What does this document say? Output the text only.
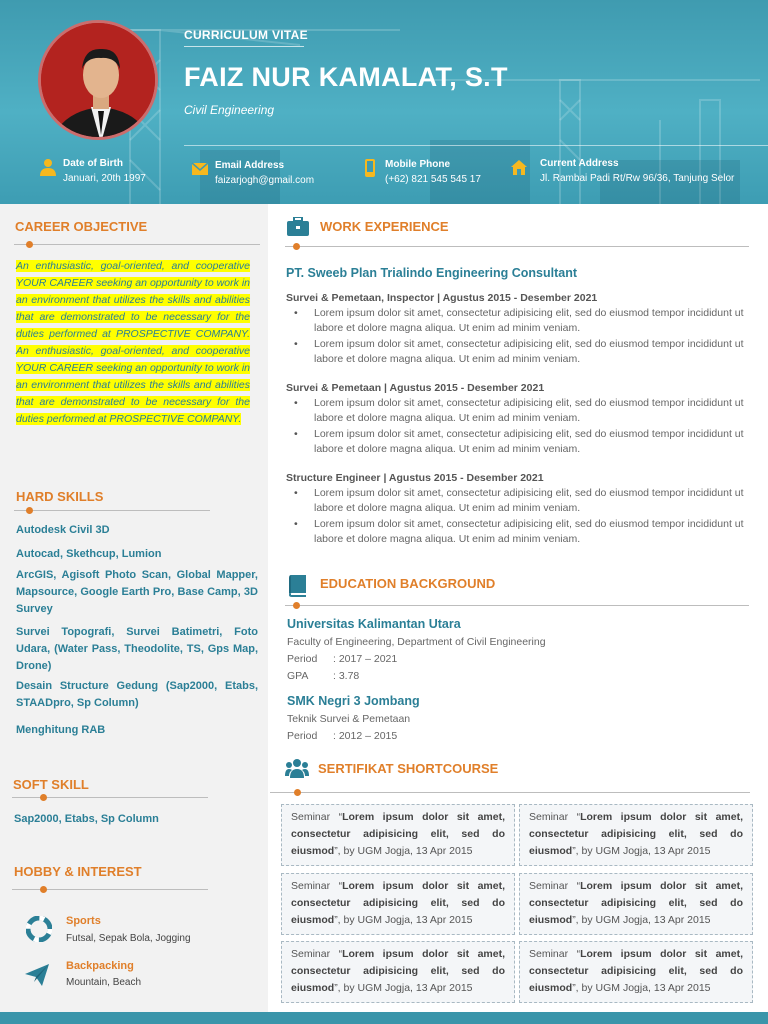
CURRICULUM VITAE
FAIZ NUR KAMALAT, S.T
Civil Engineering
Date of Birth
Januari, 20th 1997
Email Address
faizarjogh@gmail.com
Mobile Phone
(+62) 821 545 545 17
Current Address
Jl. Rambai Padi Rt/Rw 96/36, Tanjung Selor
CAREER OBJECTIVE
An enthusiastic, goal-oriented, and cooperative YOUR CAREER seeking an opportunity to work in an environment that utilizes the skills and abilities that are demonstrated to be necessary for the duties performed at PROSPECTIVE COMPANY. An enthusiastic, goal-oriented, and cooperative YOUR CAREER seeking an opportunity to work in an environment that utilizes the skills and abilities that are demonstrated to be necessary for the duties performed at PROSPECTIVE COMPANY.
HARD SKILLS
Autodesk Civil 3D
Autocad, Skethcup, Lumion
ArcGIS, Agisoft Photo Scan, Global Mapper, Mapsource, Google Earth Pro, Base Camp, 3D Survey
Survei Topografi, Survei Batimetri, Foto Udara, (Water Pass, Theodolite, TS, Gps Map, Drone)
Desain Structure Gedung (Sap2000, Etabs, STAADpro, Sp Column)
Menghitung RAB
SOFT SKILL
Sap2000, Etabs, Sp Column
HOBBY & INTEREST
Sports
Futsal, Sepak Bola, Jogging
Backpacking
Mountain, Beach
WORK EXPERIENCE
PT. Sweeb Plan Trialindo Engineering Consultant
Survei & Pemetaan, Inspector | Agustus 2015 - Desember 2021
• Lorem ipsum dolor sit amet, consectetur adipisicing elit, sed do eiusmod tempor incididunt ut labore et dolore magna aliqua. Ut enim ad minim veniam.
• Lorem ipsum dolor sit amet, consectetur adipisicing elit, sed do eiusmod tempor incididunt ut labore et dolore magna aliqua. Ut enim ad minim veniam.
Survei & Pemetaan | Agustus 2015 - Desember 2021
• Lorem ipsum dolor sit amet, consectetur adipisicing elit, sed do eiusmod tempor incididunt ut labore et dolore magna aliqua. Ut enim ad minim veniam.
• Lorem ipsum dolor sit amet, consectetur adipisicing elit, sed do eiusmod tempor incididunt ut labore et dolore magna aliqua. Ut enim ad minim veniam.
Structure Engineer | Agustus 2015 - Desember 2021
• Lorem ipsum dolor sit amet, consectetur adipisicing elit, sed do eiusmod tempor incididunt ut labore et dolore magna aliqua. Ut enim ad minim veniam.
• Lorem ipsum dolor sit amet, consectetur adipisicing elit, sed do eiusmod tempor incididunt ut labore et dolore magna aliqua. Ut enim ad minim veniam.
EDUCATION BACKGROUND
Universitas Kalimantan Utara
Faculty of Engineering, Department of Civil Engineering
Period : 2017 – 2021
GPA : 3.78
SMK Negri 3 Jombang
Teknik Survei & Pemetaan
Period : 2012 – 2015
SERTIFIKAT SHORTCOURSE
Seminar “Lorem ipsum dolor sit amet, consectetur adipisicing elit, sed do eiusmod”, by UGM Jogja, 13 Apr 2015
Seminar “Lorem ipsum dolor sit amet, consectetur adipisicing elit, sed do eiusmod”, by UGM Jogja, 13 Apr 2015
Seminar “Lorem ipsum dolor sit amet, consectetur adipisicing elit, sed do eiusmod”, by UGM Jogja, 13 Apr 2015
Seminar “Lorem ipsum dolor sit amet, consectetur adipisicing elit, sed do eiusmod”, by UGM Jogja, 13 Apr 2015
Seminar “Lorem ipsum dolor sit amet, consectetur adipisicing elit, sed do eiusmod”, by UGM Jogja, 13 Apr 2015
Seminar “Lorem ipsum dolor sit amet, consectetur adipisicing elit, sed do eiusmod”, by UGM Jogja, 13 Apr 2015
